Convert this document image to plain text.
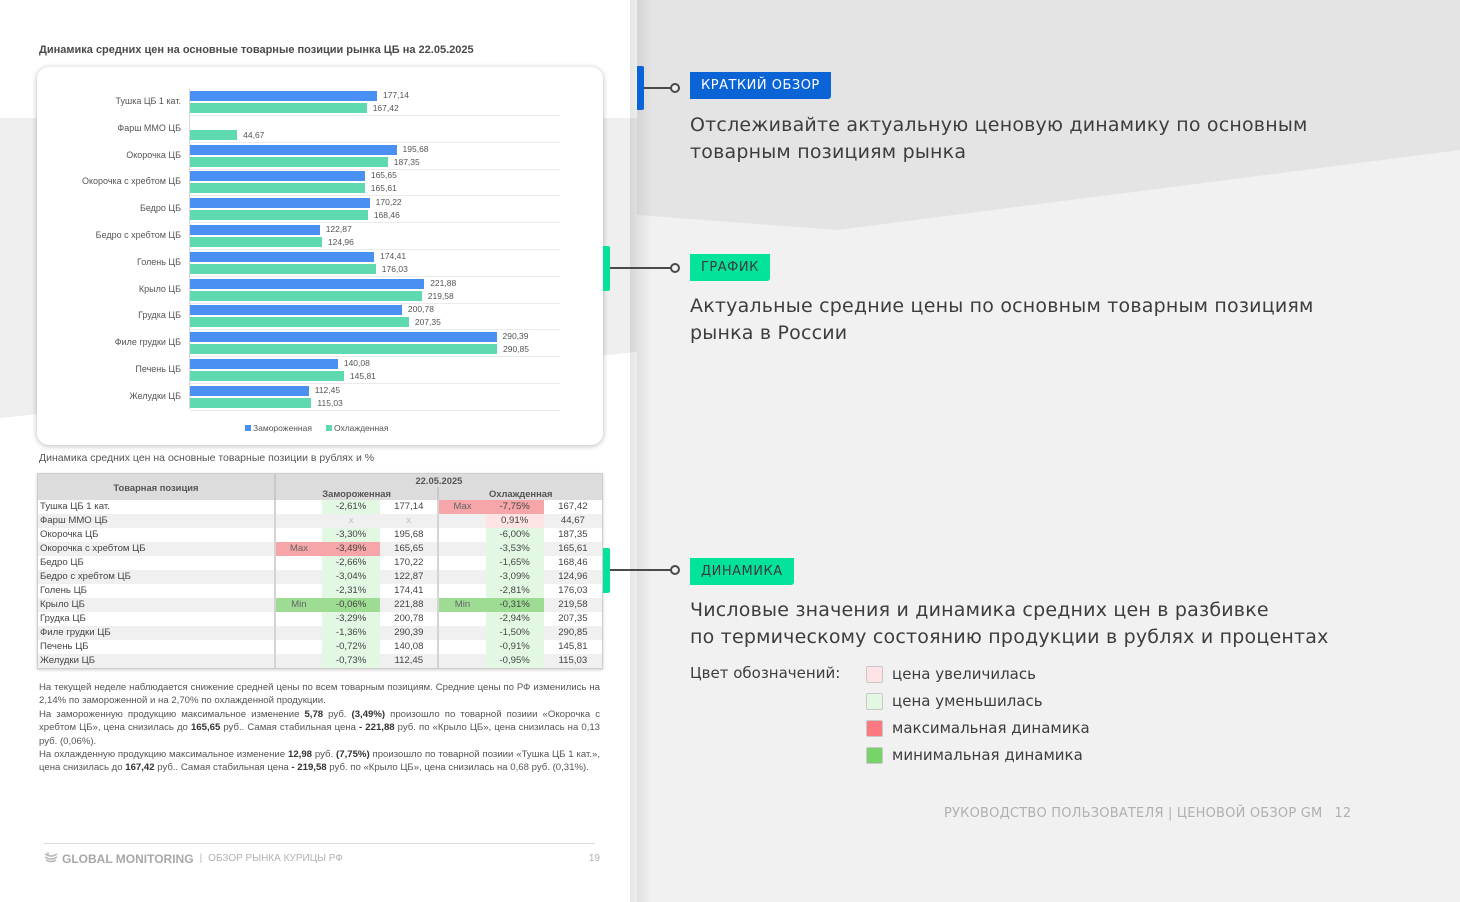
Динамика средних цен на основные товарные позиции рынка ЦБ на 22.05.2025
Тушка ЦБ 1 кат.
177,14
167,42
Фарш ММО ЦБ
44,67
Окорочка ЦБ
195,68
187,35
Окорочка с хребтом ЦБ
165,65
165,61
Бедро ЦБ
170,22
168,46
Бедро с хребтом ЦБ
122,87
124,96
Голень ЦБ
174,41
176,03
Крыло ЦБ
221,88
219,58
Грудка ЦБ
200,78
207,35
Филе грудки ЦБ
290,39
290,85
Печень ЦБ
140,08
145,81
Желудки ЦБ
112,45
115,03
Замороженная	Охлажденная
Динамика средних цен на основные товарные позиции в рублях и %
Товарная позиция	22.05.2025					
	Замороженная			Охлажденная		
Тушка ЦБ 1 кат.		-2,61%	177,14	Max	-7,75%	167,42
Фарш ММО ЦБ		x	x		0,91%	44,67
Окорочка ЦБ		-3,30%	195,68		-6,00%	187,35
Окорочка с хребтом ЦБ	Max	-3,49%	165,65		-3,53%	165,61
Бедро ЦБ		-2,66%	170,22		-1,65%	168,46
Бедро с хребтом ЦБ		-3,04%	122,87		-3,09%	124,96
Голень ЦБ		-2,31%	174,41		-2,81%	176,03
Крыло ЦБ	Min	-0,06%	221,88	Min	-0,31%	219,58
Грудка ЦБ		-3,29%	200,78		-2,94%	207,35
Филе грудки ЦБ		-1,36%	290,39		-1,50%	290,85
Печень ЦБ		-0,72%	140,08		-0,91%	145,81
Желудки ЦБ		-0,73%	112,45		-0,95%	115,03

На текущей неделе наблюдается снижение средней цены по всем товарным позициям. Средние цены по РФ изменились на 2,14% по замороженной и на 2,70% по охлажденной продукции.

На замороженную продукцию максимальное изменение 5,78 руб. (3,49%) произошло по товарной позиии «Окорочка с хребтом ЦБ», цена снизилась до 165,65 руб.. Самая стабильная цена - 221,88 руб. по «Крыло ЦБ», цена снизилась на 0,13 руб. (0,06%).

На охлажденную продукцию максимальное изменение 12,98 руб. (7,75%) произошло по товарной позиии «Тушка ЦБ 1 кат.», цена снизилась до 167,42 руб.. Самая стабильная цена - 219,58 руб. по «Крыло ЦБ», цена снизилась на 0,68 руб. (0,31%).

GLOBAL MONITORING | ОБЗОР РЫНКА КУРИЦЫ РФ	19
КРАТКИЙ ОБЗОР
Отслеживайте актуальную ценовую динамику по основным
товарным позициям рынка
ГРАФИК
Актуальные средние цены по основным товарным позициям
рынка в России
ДИНАМИКА
Числовые значения и динамика средних цен в разбивке
по термическому состоянию продукции в рублях и процентах
Цвет обозначений:	цена увеличилась
цена уменьшилась
максимальная динамика
минимальная динамика
РУКОВОДСТВО ПОЛЬЗОВАТЕЛЯ | ЦЕНОВОЙ ОБЗОР GM 12
